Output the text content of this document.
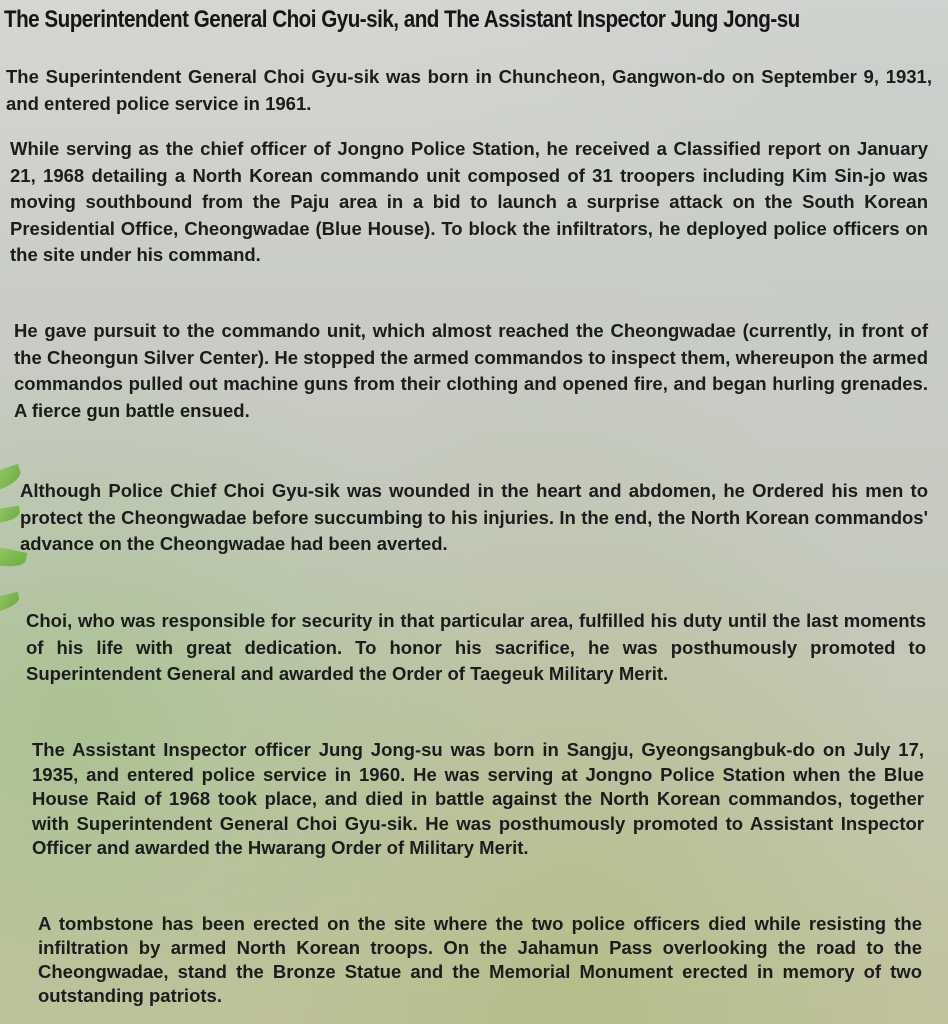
The Superintendent General Choi Gyu-sik, and The Assistant Inspector Jung Jong-su

The Superintendent General Choi Gyu-sik was born in Chuncheon, Gangwon-do on September 9, 1931, and entered police service in 1961.

While serving as the chief officer of Jongno Police Station, he received a Classified report on January 21, 1968 detailing a North Korean commando unit composed of 31 troopers including Kim Sin-jo was moving southbound from the Paju area in a bid to launch a surprise attack on the South Korean Presidential Office, Cheongwadae (Blue House). To block the infiltrators, he deployed police officers on the site under his command.

He gave pursuit to the commando unit, which almost reached the Cheongwadae (currently, in front of the Cheongun Silver Center). He stopped the armed commandos to inspect them, whereupon the armed commandos pulled out machine guns from their clothing and opened fire, and began hurling grenades. A fierce gun battle ensued.

Although Police Chief Choi Gyu-sik was wounded in the heart and abdomen, he Ordered his men to protect the Cheongwadae before succumbing to his injuries. In the end, the North Korean commandos' advance on the Cheongwadae had been averted.

Choi, who was responsible for security in that particular area, fulfilled his duty until the last moments of his life with great dedication. To honor his sacrifice, he was posthumously promoted to Superintendent General and awarded the Order of Taegeuk Military Merit.

The Assistant Inspector officer Jung Jong-su was born in Sangju, Gyeongsangbuk-do on July 17, 1935, and entered police service in 1960. He was serving at Jongno Police Station when the Blue House Raid of 1968 took place, and died in battle against the North Korean commandos, together with Superintendent General Choi Gyu-sik. He was posthumously promoted to Assistant Inspector Officer and awarded the Hwarang Order of Military Merit.

A tombstone has been erected on the site where the two police officers died while resisting the infiltration by armed North Korean troops. On the Jahamun Pass overlooking the road to the Cheongwadae, stand the Bronze Statue and the Memorial Monument erected in memory of two outstanding patriots.
